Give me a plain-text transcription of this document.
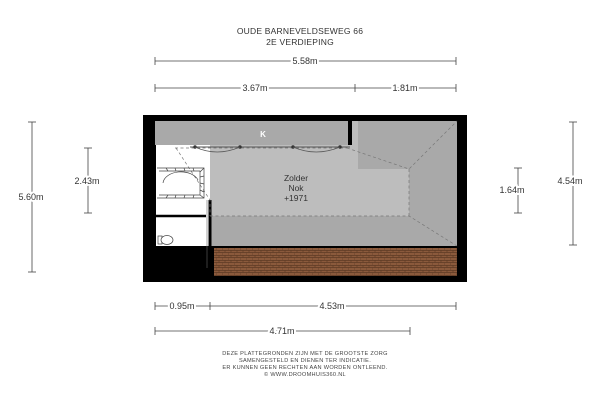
OUDE BARNEVELDSEWEG 66
2E VERDIEPING
5.58m
3.67m	1.81m
5.60m
2.43m
1.64m
4.54m
K
Zolder
Nok
+1971
0.95m	4.53m
4.71m
DEZE PLATTEGRONDEN ZIJN MET DE GROOTSTE ZORG
SAMENGESTELD EN DIENEN TER INDICATIE.
ER KUNNEN GEEN RECHTEN AAN WORDEN ONTLEEND.
© WWW.DROOMHUIS360.NL
